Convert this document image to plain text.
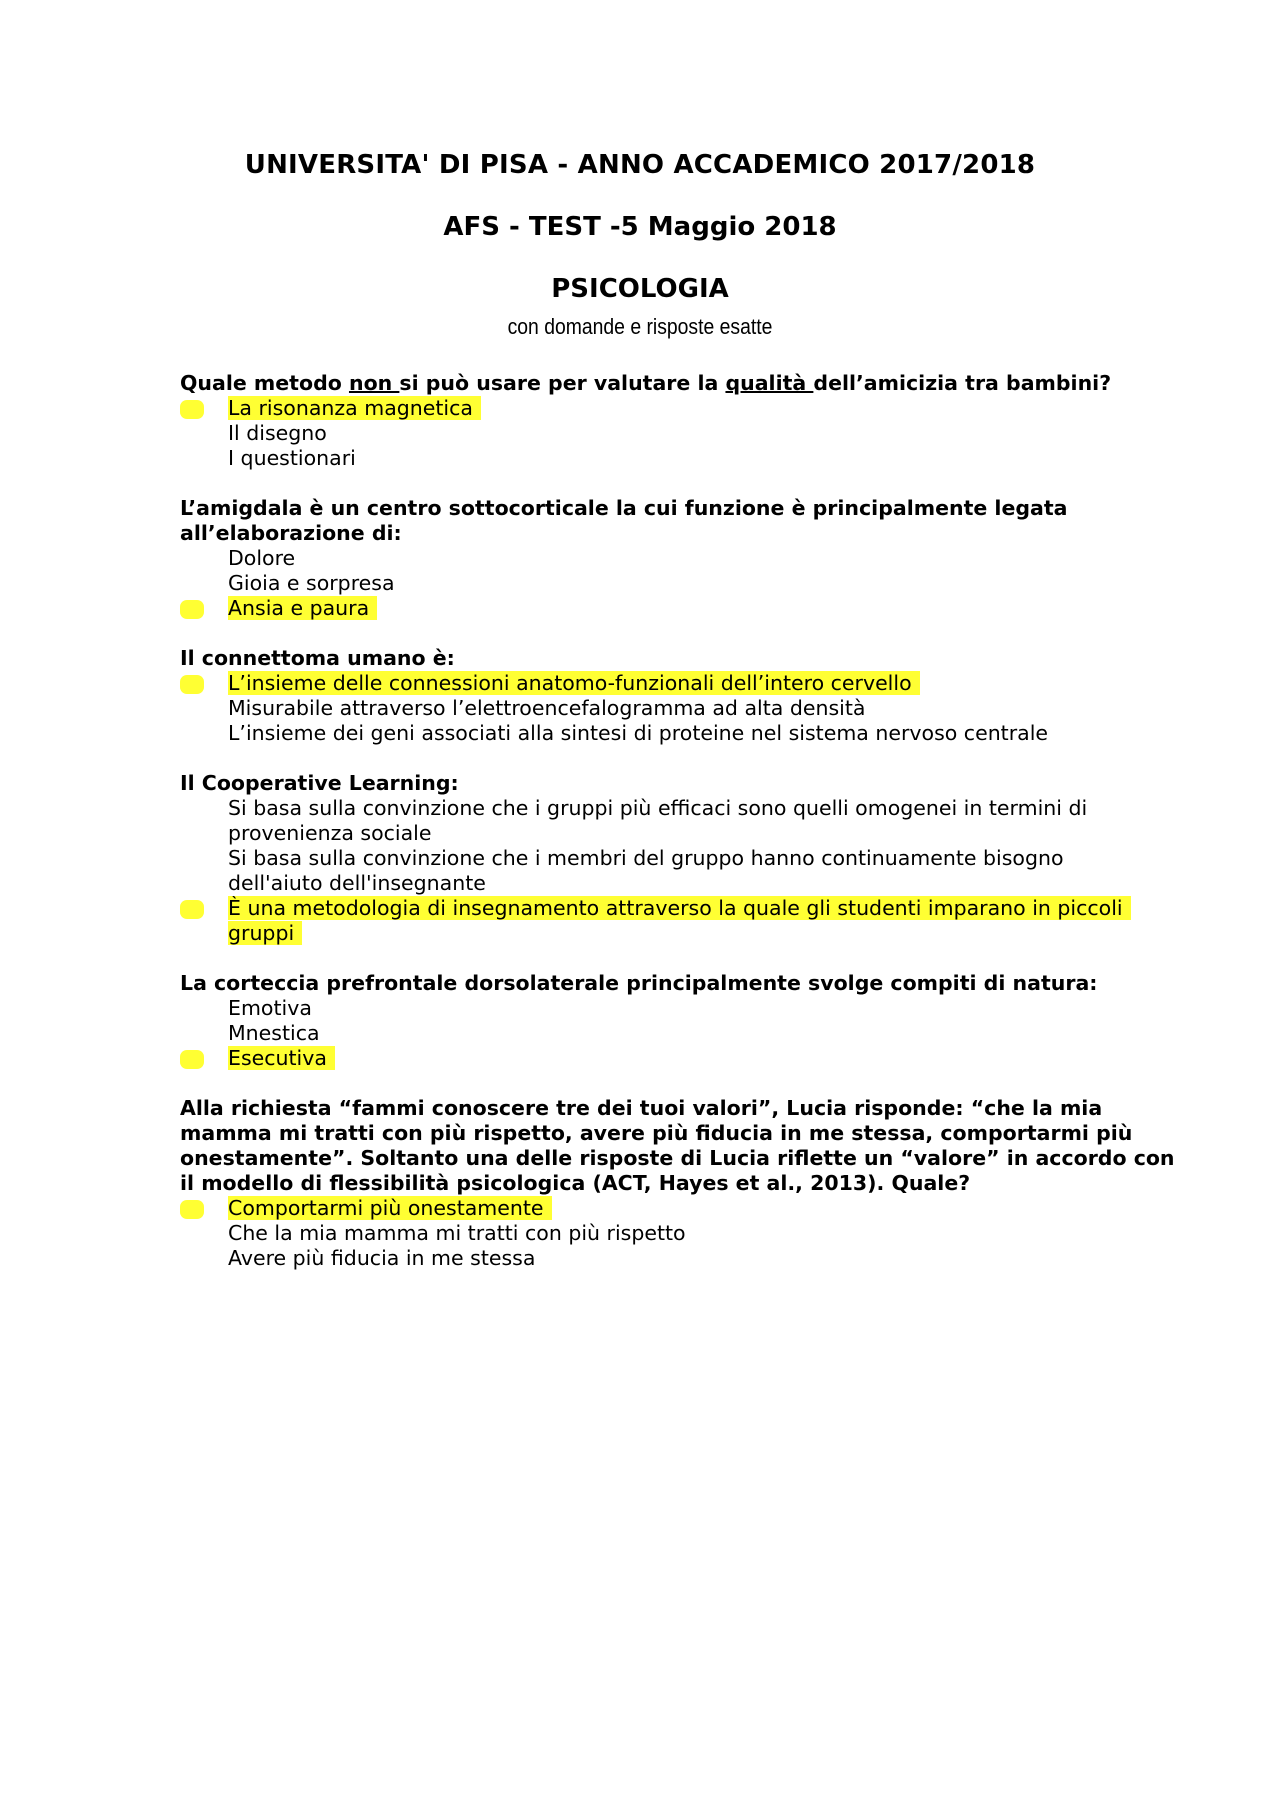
UNIVERSITA' DI PISA - ANNO ACCADEMICO 2017/2018
AFS - TEST -5 Maggio 2018
PSICOLOGIA
con domande e risposte esatte

Quale metodo non si può usare per valutare la qualità dell’amicizia tra bambini?

La risonanza magnetica
Il disegno
I questionari

L’amigdala è un centro sottocorticale la cui funzione è principalmente legata
all’elaborazione di:

Dolore
Gioia e sorpresa
Ansia e paura

Il connettoma umano è:

L’insieme delle connessioni anatomo-funzionali dell’intero cervello
Misurabile attraverso l’elettroencefalogramma ad alta densità
L’insieme dei geni associati alla sintesi di proteine nel sistema nervoso centrale

Il Cooperative Learning:

Si basa sulla convinzione che i gruppi più efficaci sono quelli omogenei in termini di
provenienza sociale
Si basa sulla convinzione che i membri del gruppo hanno continuamente bisogno
dell'aiuto dell'insegnante
È una metodologia di insegnamento attraverso la quale gli studenti imparano in piccoli
gruppi

La corteccia prefrontale dorsolaterale principalmente svolge compiti di natura:

Emotiva
Mnestica
Esecutiva

Alla richiesta “fammi conoscere tre dei tuoi valori”, Lucia risponde: “che la mia
mamma mi tratti con più rispetto, avere più fiducia in me stessa, comportarmi più
onestamente”. Soltanto una delle risposte di Lucia riflette un “valore” in accordo con
il modello di flessibilità psicologica (ACT, Hayes et al., 2013). Quale?

Comportarmi più onestamente
Che la mia mamma mi tratti con più rispetto
Avere più fiducia in me stessa
